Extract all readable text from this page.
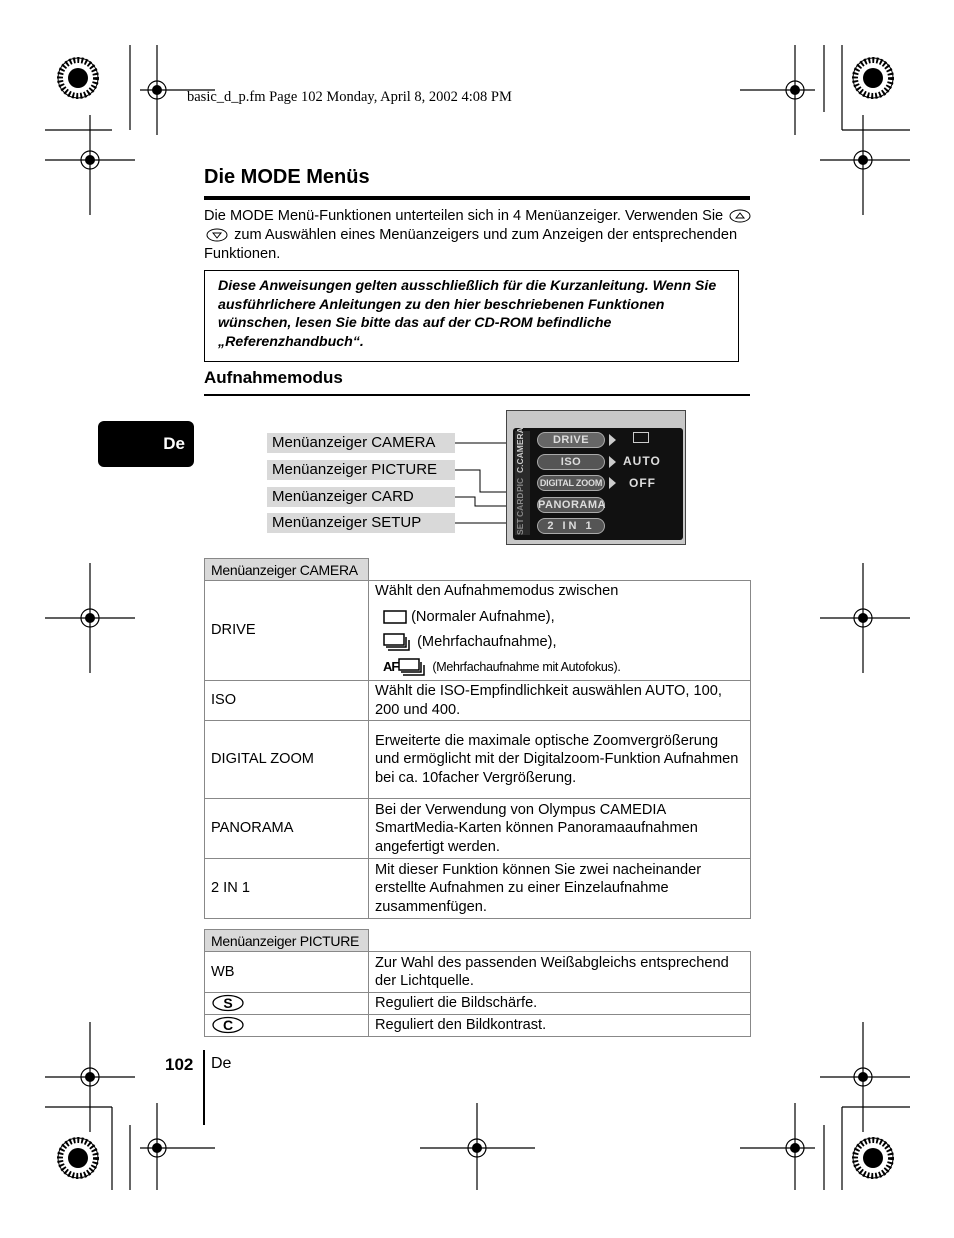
basic_d_p.fm Page 102 Monday, April 8, 2002 4:08 PM
Die MODE Menüs
Die MODE Menü-Funktionen unterteilen sich in 4 Menüanzeiger. Verwenden Sie  zum Auswählen eines Menüanzeigers und zum Anzeigen der entsprechenden Funktionen.
Diese Anweisungen gelten ausschließlich für die Kurzanleitung. Wenn Sie ausführlichere Anleitungen zu den hier beschriebenen Funktionen wünschen, lesen Sie bitte das auf der CD-ROM befindliche „Referenzhandbuch“.
Aufnahmemodus
De	Menüanzeiger CAMERA
Menüanzeiger PICTURE
Menüanzeiger CARD
Menüanzeiger SETUP
C.CAMERA
PIC
CARD
SET
DRIVE
ISO
DIGITAL ZOOM
PANORAMA
2 IN 1
AUTO
OFF
Menüanzeiger CAMERA
DRIVE	Wählt den Aufnahmemodus zwischen
(Normaler Aufnahme),
(Mehrfachaufnahme),
AF (Mehrfachaufnahme mit Autofokus).

ISO	Wählt die ISO-Empfindlichkeit auswählen AUTO, 100, 200 und 400.
DIGITAL ZOOM	Erweiterte die maximale optische Zoomvergrößerung und ermöglicht mit der Digitalzoom-Funktion Aufnahmen bei ca. 10facher Vergrößerung.
PANORAMA	Bei der Verwendung von Olympus CAMEDIA SmartMedia-Karten können Panoramaaufnahmen angefertigt werden.
2 IN 1	Mit dieser Funktion können Sie zwei nacheinander erstellte Aufnahmen zu einer Einzelaufnahme zusammenfügen.
Menüanzeiger PICTURE
WB	Zur Wahl des passenden Weißabgleichs entsprechend der Lichtquelle.

S	Reguliert die Bildschärfe.

C	Reguliert den Bildkontrast.
102 De
